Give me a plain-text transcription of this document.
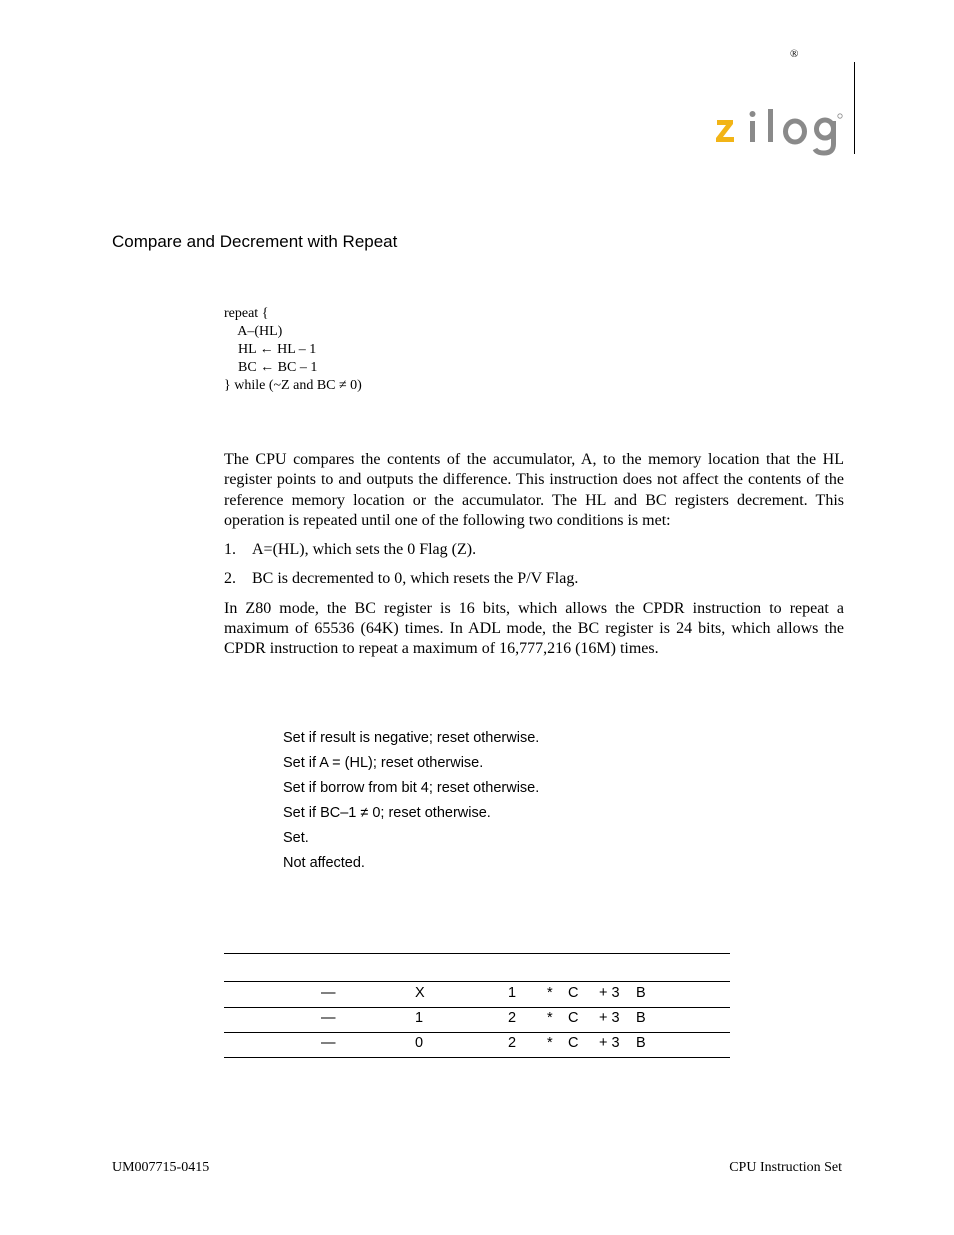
®
Compare and Decrement with Repeat
repeat {
A–(HL)
HL ← HL – 1
BC ← BC – 1
} while (~Z and BC ≠ 0)

The CPU compares the contents of the accumulator, A, to the memory location that the HL register points to and outputs the difference. This instruction does not affect the contents of the reference memory location or the accumulator. The HL and BC registers decrement. This operation is repeated until one of the following two conditions is met:

1. A=(HL), which sets the 0 Flag (Z).
2. BC is decremented to 0, which resets the P/V Flag.

In Z80 mode, the BC register is 16 bits, which allows the CPDR instruction to repeat a maximum of 65536 (64K) times. In ADL mode, the BC register is 24 bits, which allows the CPDR instruction to repeat a maximum of 16,777,216 (16M) times.

Set if result is negative; reset otherwise.
Set if A = (HL); reset otherwise.
Set if borrow from bit 4; reset otherwise.
Set if BC–1 ≠ 0; reset otherwise.
Set.
Not affected.
—	X	1 * C + 3 B
—	1	2 * C + 3 B
—	0	2 * C + 3 B
UM007715-0415	CPU Instruction Set
